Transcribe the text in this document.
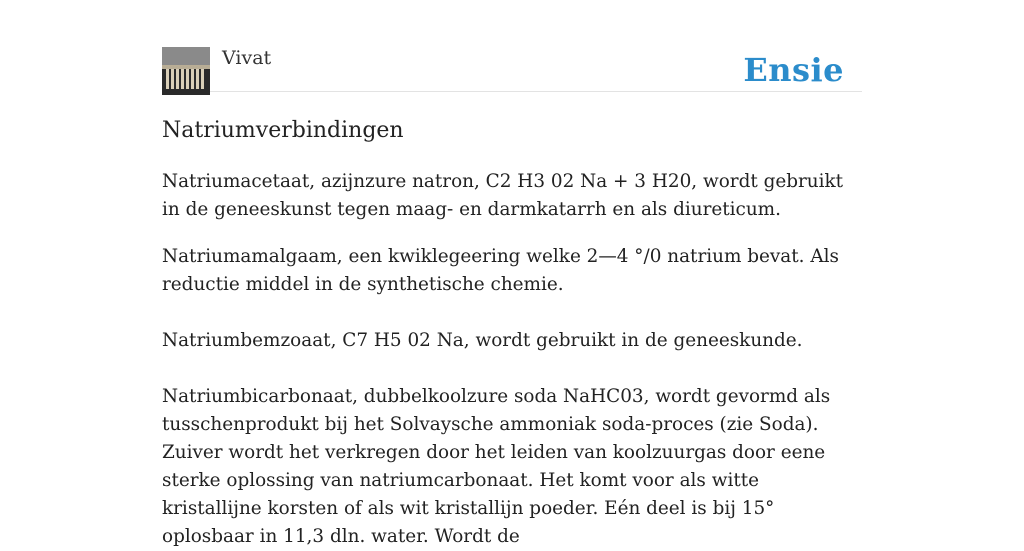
Vivat	Ensie
Natriumverbindingen

Natriumacetaat, azijnzure natron, C2 H3 02 Na + 3 H20, wordt gebruikt in de geneeskunst tegen maag- en darmkatarrh en als diureticum.

Natriumamalgaam, een kwiklegeering welke 2—4 °/0 natrium bevat. Als reductie middel in de synthetische chemie.

Natriumbemzoaat, C7 H5 02 Na, wordt gebruikt in de geneeskunde.

Natriumbicarbonaat, dubbelkoolzure soda NaHC03, wordt gevormd als tusschenprodukt bij het Solvaysche ammoniak soda-proces (zie Soda). Zuiver wordt het verkregen door het leiden van koolzuurgas door eene sterke oplossing van natriumcarbonaat. Het komt voor als witte kristallijne korsten of als wit kristallijn poeder. Eén deel is bij 15° oplosbaar in 11,3 dln. water. Wordt de
